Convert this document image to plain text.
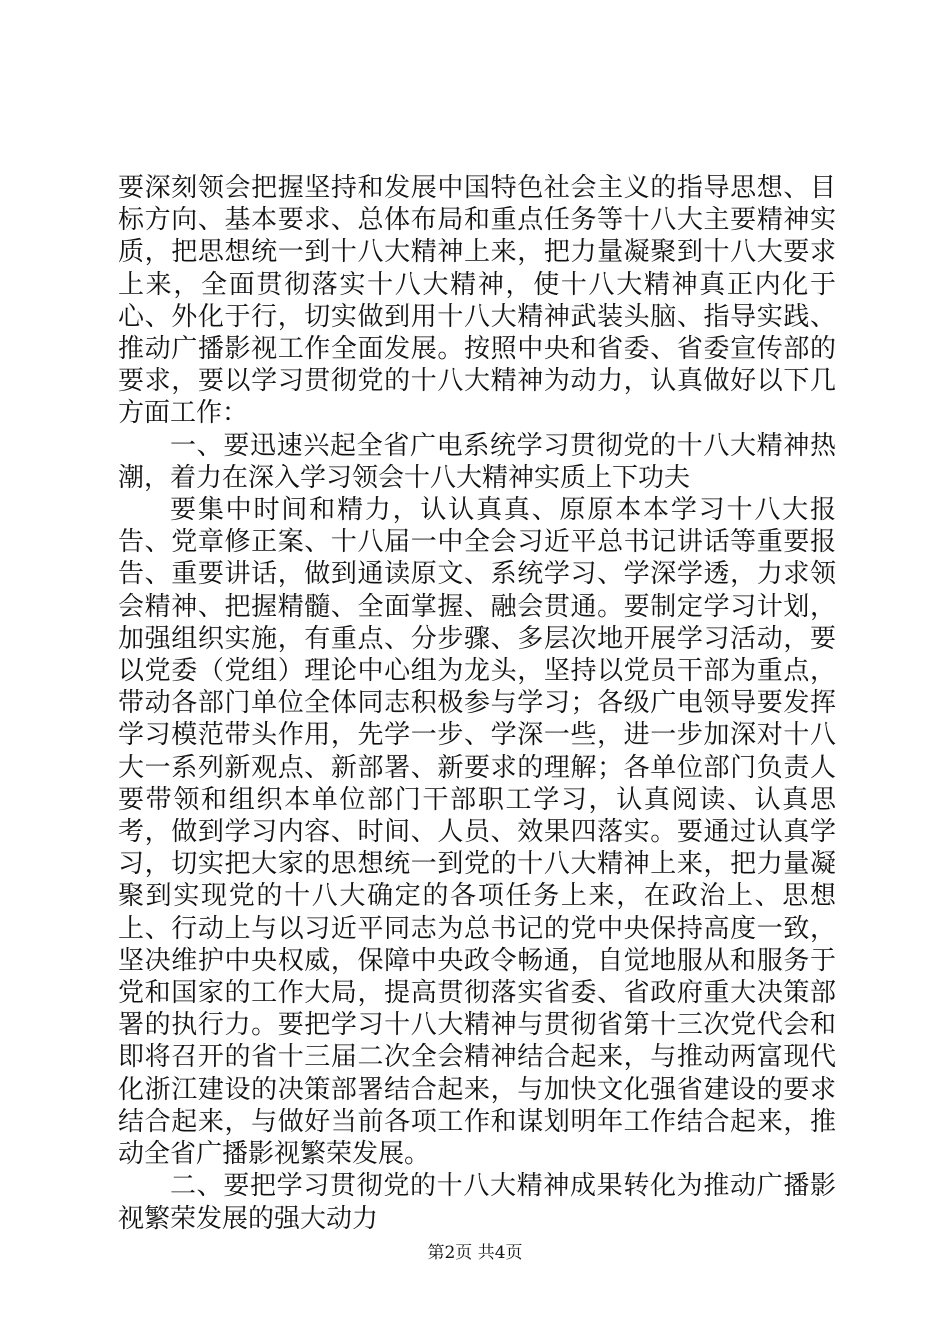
要深刻领会把握坚持和发展中国特色社会主义的指导思想、目标方向、基本要求、总体布局和重点任务等十八大主要精神实质，把思想统一到十八大精神上来，把力量凝聚到十八大要求上来，全面贯彻落实十八大精神，使十八大精神真正内化于心、外化于行，切实做到用十八大精神武装头脑、指导实践、推动广播影视工作全面发展。按照中央和省委、省委宣传部的要求，要以学习贯彻党的十八大精神为动力，认真做好以下几方面工作：

一、要迅速兴起全省广电系统学习贯彻党的十八大精神热潮，着力在深入学习领会十八大精神实质上下功夫

要集中时间和精力，认认真真、原原本本学习十八大报告、党章修正案、十八届一中全会习近平总书记讲话等重要报告、重要讲话，做到通读原文、系统学习、学深学透，力求领会精神、把握精髓、全面掌握、融会贯通。要制定学习计划，加强组织实施，有重点、分步骤、多层次地开展学习活动，要以党委（党组）理论中心组为龙头，坚持以党员干部为重点，带动各部门单位全体同志积极参与学习；各级广电领导要发挥学习模范带头作用，先学一步、学深一些，进一步加深对十八大一系列新观点、新部署、新要求的理解；各单位部门负责人要带领和组织本单位部门干部职工学习，认真阅读、认真思考，做到学习内容、时间、人员、效果四落实。要通过认真学习，切实把大家的思想统一到党的十八大精神上来，把力量凝聚到实现党的十八大确定的各项任务上来，在政治上、思想上、行动上与以习近平同志为总书记的党中央保持高度一致，坚决维护中央权威，保障中央政令畅通，自觉地服从和服务于党和国家的工作大局，提高贯彻落实省委、省政府重大决策部署的执行力。要把学习十八大精神与贯彻省第十三次党代会和即将召开的省十三届二次全会精神结合起来，与推动两富现代化浙江建设的决策部署结合起来，与加快文化强省建设的要求结合起来，与做好当前各项工作和谋划明年工作结合起来，推动全省广播影视繁荣发展。

二、要把学习贯彻党的十八大精神成果转化为推动广播影视繁荣发展的强大动力

第2页 共4页
